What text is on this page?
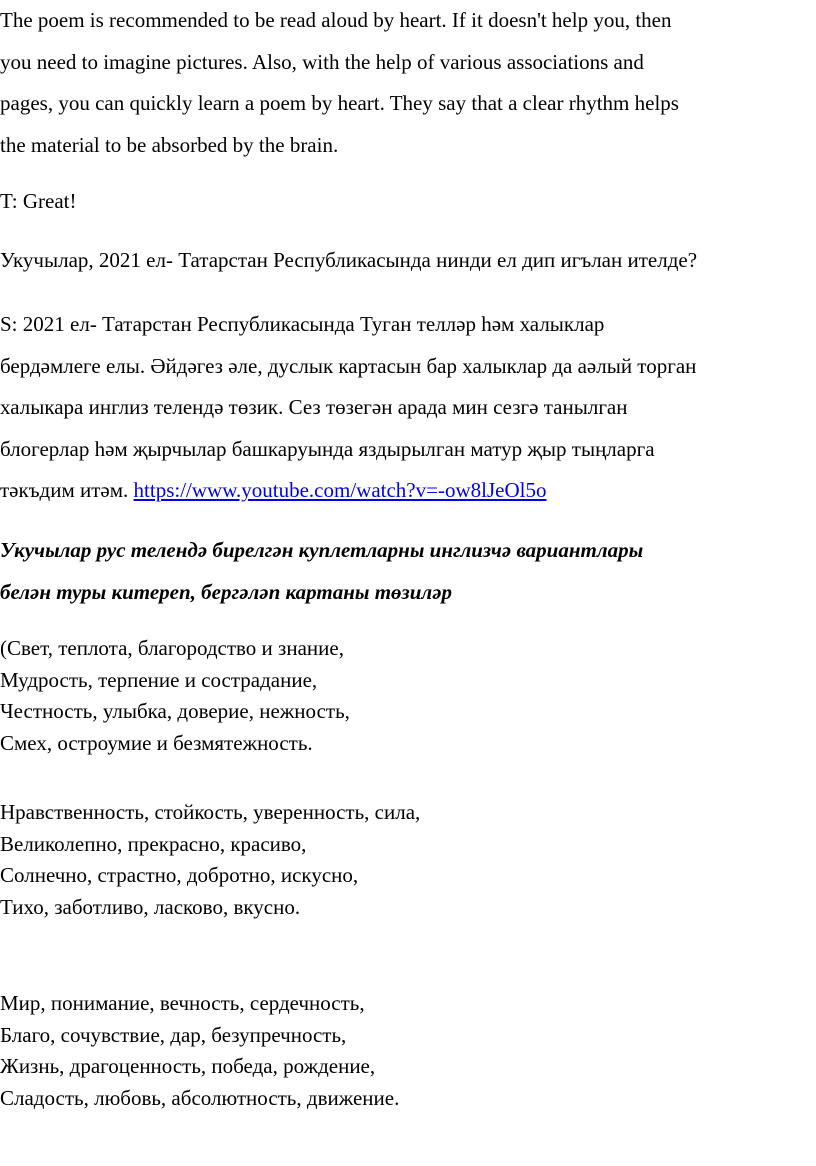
The poem is recommended to be read aloud by heart. If it doesn't help you, then
you need to imagine pictures. Also, with the help of various associations and
pages, you can quickly learn a poem by heart. They say that a clear rhythm helps
the material to be absorbed by the brain.

T: Great!

Укучылар, 2021 ел- Татарстан Республикасында нинди ел дип игълан ителде?

S: 2021 ел- Татарстан Республикасында Туган телләр һәм халыклар
бердәмлеге елы. Әйдәгез әле, дуслык картасын бар халыклар да аәлый торган
халыкара инглиз телендә төзик. Сез төзегән арада мин сезгә танылган
блогерлар һәм җырчылар башкаруында яздырылган матур җыр тыңларга
тәкъдим итәм. https://www.youtube.com/watch?v=-ow8lJeOl5o

Укучылар рус телендә бирелгән куплетларны инглизчә вариантлары
белән туры китереп, бергәләп картаны төзиләр

(Свет, теплота, благородство и знание,
Мудрость, терпение и сострадание,
Честность, улыбка, доверие, нежность,
Смех, остроумие и безмятежность.

Нравственность, стойкость, уверенность, сила,
Великолепно, прекрасно, красиво,
Солнечно, страстно, добротно, искусно,
Тихо, заботливо, ласково, вкусно.

Мир, понимание, вечность, сердечность,
Благо, сочувствие, дар, безупречность,
Жизнь, драгоценность, победа, рождение,
Сладость, любовь, абсолютность, движение.
